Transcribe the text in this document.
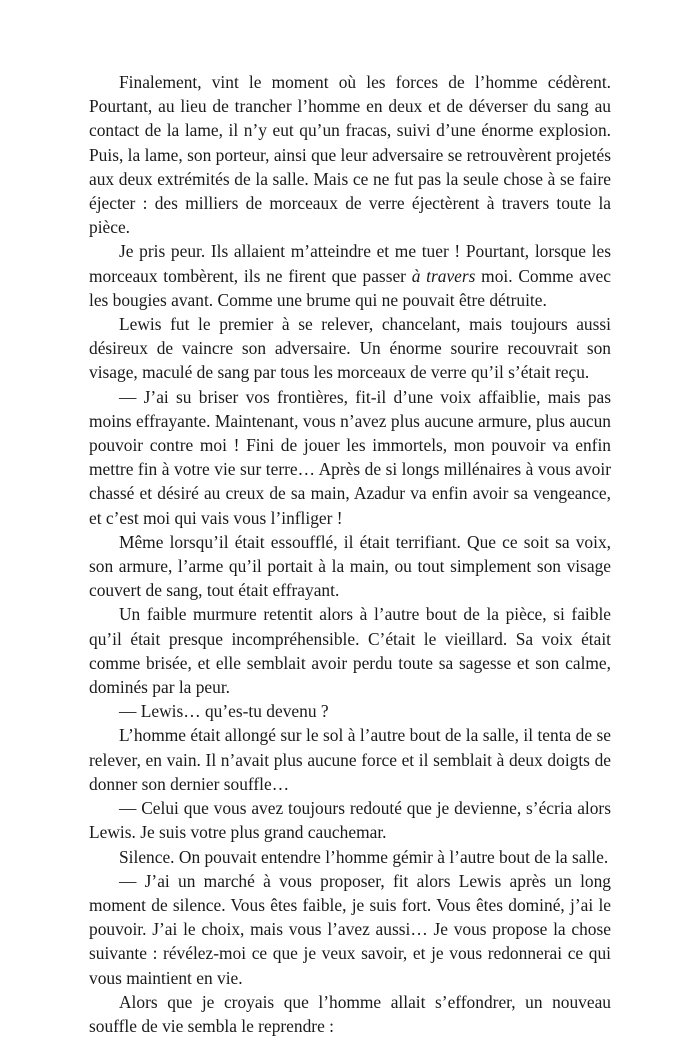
Finalement, vint le moment où les forces de l’homme cédèrent. Pourtant, au lieu de trancher l’homme en deux et de déverser du sang au contact de la lame, il n’y eut qu’un fracas, suivi d’une énorme explosion. Puis, la lame, son porteur, ainsi que leur adversaire se retrouvèrent projetés aux deux extrémités de la salle. Mais ce ne fut pas la seule chose à se faire éjecter : des milliers de morceaux de verre éjectèrent à travers toute la pièce.

Je pris peur. Ils allaient m’atteindre et me tuer ! Pourtant, lorsque les morceaux tombèrent, ils ne firent que passer à travers moi. Comme avec les bougies avant. Comme une brume qui ne pouvait être détruite.

Lewis fut le premier à se relever, chancelant, mais toujours aussi désireux de vaincre son adversaire. Un énorme sourire recouvrait son visage, maculé de sang par tous les morceaux de verre qu’il s’était reçu.

— J’ai su briser vos frontières, fit-il d’une voix affaiblie, mais pas moins effrayante. Maintenant, vous n’avez plus aucune armure, plus aucun pouvoir contre moi ! Fini de jouer les immortels, mon pouvoir va enfin mettre fin à votre vie sur terre… Après de si longs millénaires à vous avoir chassé et désiré au creux de sa main, Azadur va enfin avoir sa vengeance, et c’est moi qui vais vous l’infliger !

Même lorsqu’il était essoufflé, il était terrifiant. Que ce soit sa voix, son armure, l’arme qu’il portait à la main, ou tout simplement son visage couvert de sang, tout était effrayant.

Un faible murmure retentit alors à l’autre bout de la pièce, si faible qu’il était presque incompréhensible. C’était le vieillard. Sa voix était comme brisée, et elle semblait avoir perdu toute sa sagesse et son calme, dominés par la peur.

— Lewis… qu’es-tu devenu ?

L’homme était allongé sur le sol à l’autre bout de la salle, il tenta de se relever, en vain. Il n’avait plus aucune force et il semblait à deux doigts de donner son dernier souffle…

— Celui que vous avez toujours redouté que je devienne, s’écria alors Lewis. Je suis votre plus grand cauchemar.

Silence. On pouvait entendre l’homme gémir à l’autre bout de la salle.

— J’ai un marché à vous proposer, fit alors Lewis après un long moment de silence. Vous êtes faible, je suis fort. Vous êtes dominé, j’ai le pouvoir. J’ai le choix, mais vous l’avez aussi… Je vous propose la chose suivante : révélez-moi ce que je veux savoir, et je vous redonnerai ce qui vous maintient en vie.

Alors que je croyais que l’homme allait s’effondrer, un nouveau souffle de vie sembla le reprendre :
